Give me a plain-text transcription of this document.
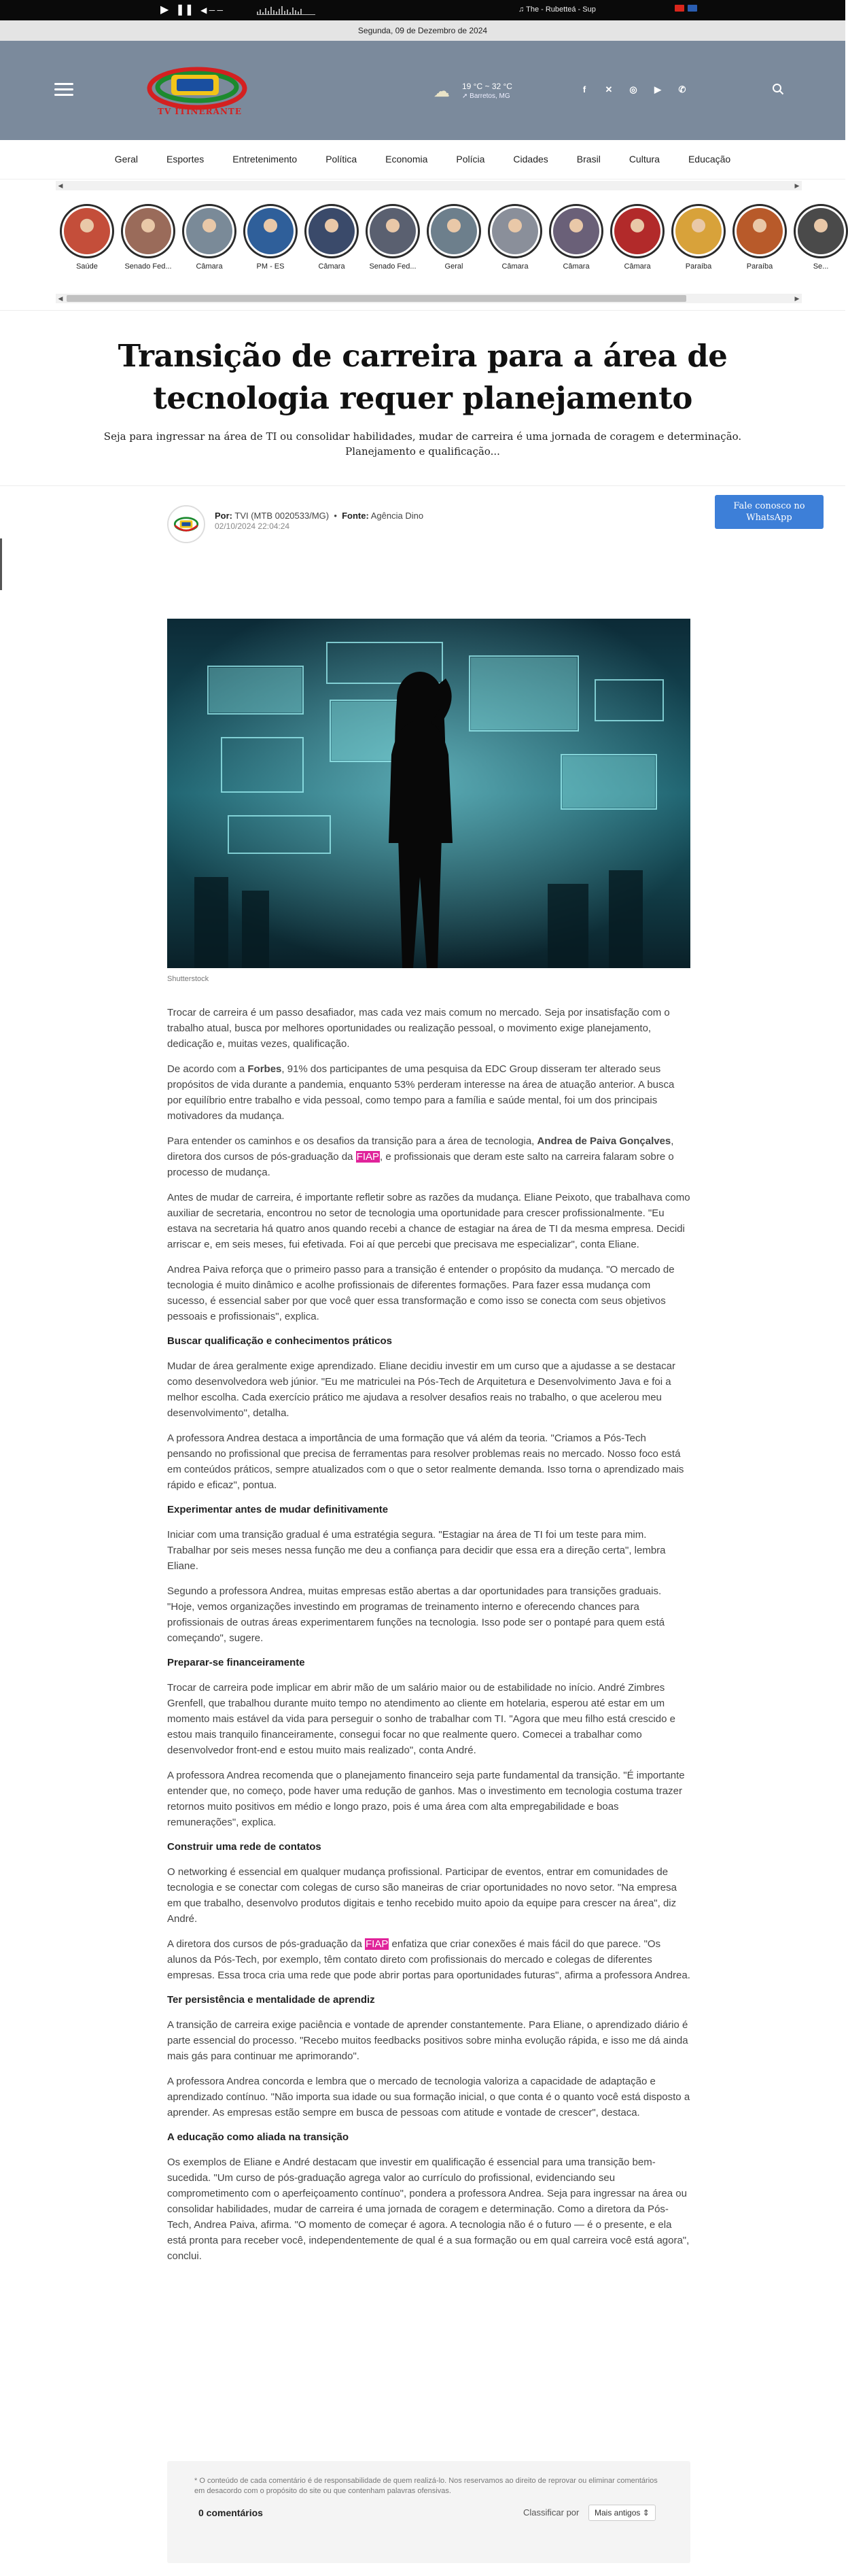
▶ ❚❚ ◀ ─ ─	♫ The - Rubetteá - Sup
Segunda, 09 de Dezembro de 2024
TV ITINERANTE
☁ 19 °C ~ 32 °C
➚ Barretos, MG
f	✕ ◎ ▶ ✆
Geral	Esportes	Entretenimento	Política	Economia	Polícia	Cidades	Brasil	Cultura	Educação
◀	▶
Saúde	Senado Fed...	Câmara	PM - ES	Câmara	Senado Fed...	Geral	Câmara	Câmara	Câmara	Paraíba	Paraíba	Se...
◀	▶
Transição de carreira para a área de tecnologia requer planejamento

Seja para ingressar na área de TI ou consolidar habilidades, mudar de carreira é uma jornada de coragem e determinação. Planejamento e qualificação...

Por: TVI (MTB 0020533/MG)  •  Fonte: Agência Dino
02/10/2024 22:04:24
Fale conosco no WhatsApp
Shutterstock

Trocar de carreira é um passo desafiador, mas cada vez mais comum no mercado. Seja por insatisfação com o trabalho atual, busca por melhores oportunidades ou realização pessoal, o movimento exige planejamento, dedicação e, muitas vezes, qualificação.

De acordo com a Forbes, 91% dos participantes de uma pesquisa da EDC Group disseram ter alterado seus propósitos de vida durante a pandemia, enquanto 53% perderam interesse na área de atuação anterior. A busca por equilíbrio entre trabalho e vida pessoal, como tempo para a família e saúde mental, foi um dos principais motivadores da mudança.

Para entender os caminhos e os desafios da transição para a área de tecnologia, Andrea de Paiva Gonçalves, diretora dos cursos de pós-graduação da FIAP, e profissionais que deram este salto na carreira falaram sobre o processo de mudança.

Antes de mudar de carreira, é importante refletir sobre as razões da mudança. Eliane Peixoto, que trabalhava como auxiliar de secretaria, encontrou no setor de tecnologia uma oportunidade para crescer profissionalmente. "Eu estava na secretaria há quatro anos quando recebi a chance de estagiar na área de TI da mesma empresa. Decidi arriscar e, em seis meses, fui efetivada. Foi aí que percebi que precisava me especializar", conta Eliane.

Andrea Paiva reforça que o primeiro passo para a transição é entender o propósito da mudança. "O mercado de tecnologia é muito dinâmico e acolhe profissionais de diferentes formações. Para fazer essa mudança com sucesso, é essencial saber por que você quer essa transformação e como isso se conecta com seus objetivos pessoais e profissionais", explica.

Buscar qualificação e conhecimentos práticos

Mudar de área geralmente exige aprendizado. Eliane decidiu investir em um curso que a ajudasse a se destacar como desenvolvedora web júnior. "Eu me matriculei na Pós-Tech de Arquitetura e Desenvolvimento Java e foi a melhor escolha. Cada exercício prático me ajudava a resolver desafios reais no trabalho, o que acelerou meu desenvolvimento", detalha.

A professora Andrea destaca a importância de uma formação que vá além da teoria. "Criamos a Pós-Tech pensando no profissional que precisa de ferramentas para resolver problemas reais no mercado. Nosso foco está em conteúdos práticos, sempre atualizados com o que o setor realmente demanda. Isso torna o aprendizado mais rápido e eficaz", pontua.

Experimentar antes de mudar definitivamente

Iniciar com uma transição gradual é uma estratégia segura. "Estagiar na área de TI foi um teste para mim. Trabalhar por seis meses nessa função me deu a confiança para decidir que essa era a direção certa", lembra Eliane.

Segundo a professora Andrea, muitas empresas estão abertas a dar oportunidades para transições graduais. "Hoje, vemos organizações investindo em programas de treinamento interno e oferecendo chances para profissionais de outras áreas experimentarem funções na tecnologia. Isso pode ser o pontapé para quem está começando", sugere.

Preparar-se financeiramente

Trocar de carreira pode implicar em abrir mão de um salário maior ou de estabilidade no início. André Zimbres Grenfell, que trabalhou durante muito tempo no atendimento ao cliente em hotelaria, esperou até estar em um momento mais estável da vida para perseguir o sonho de trabalhar com TI. "Agora que meu filho está crescido e estou mais tranquilo financeiramente, consegui focar no que realmente quero. Comecei a trabalhar como desenvolvedor front-end e estou muito mais realizado", conta André.

A professora Andrea recomenda que o planejamento financeiro seja parte fundamental da transição. "É importante entender que, no começo, pode haver uma redução de ganhos. Mas o investimento em tecnologia costuma trazer retornos muito positivos em médio e longo prazo, pois é uma área com alta empregabilidade e boas remunerações", explica.

Construir uma rede de contatos

O networking é essencial em qualquer mudança profissional. Participar de eventos, entrar em comunidades de tecnologia e se conectar com colegas de curso são maneiras de criar oportunidades no novo setor. "Na empresa em que trabalho, desenvolvo produtos digitais e tenho recebido muito apoio da equipe para crescer na área", diz André.

A diretora dos cursos de pós-graduação da FIAP enfatiza que criar conexões é mais fácil do que parece. "Os alunos da Pós-Tech, por exemplo, têm contato direto com profissionais do mercado e colegas de diferentes empresas. Essa troca cria uma rede que pode abrir portas para oportunidades futuras", afirma a professora Andrea.

Ter persistência e mentalidade de aprendiz

A transição de carreira exige paciência e vontade de aprender constantemente. Para Eliane, o aprendizado diário é parte essencial do processo. "Recebo muitos feedbacks positivos sobre minha evolução rápida, e isso me dá ainda mais gás para continuar me aprimorando".

A professora Andrea concorda e lembra que o mercado de tecnologia valoriza a capacidade de adaptação e aprendizado contínuo. "Não importa sua idade ou sua formação inicial, o que conta é o quanto você está disposto a aprender. As empresas estão sempre em busca de pessoas com atitude e vontade de crescer", destaca.

A educação como aliada na transição

Os exemplos de Eliane e André destacam que investir em qualificação é essencial para uma transição bem-sucedida. "Um curso de pós-graduação agrega valor ao currículo do profissional, evidenciando seu comprometimento com o aperfeiçoamento contínuo", pondera a professora Andrea. Seja para ingressar na área ou consolidar habilidades, mudar de carreira é uma jornada de coragem e determinação. Como a diretora da Pós-Tech, Andrea Paiva, afirma. "O momento de começar é agora. A tecnologia não é o futuro — é o presente, e ela está pronta para receber você, independentemente de qual é a sua formação ou em qual carreira você está agora", conclui.

* O conteúdo de cada comentário é de responsabilidade de quem realizá-lo. Nos reservamos ao direito de reprovar ou eliminar comentários em desacordo com o propósito do site ou que contenham palavras ofensivas.
0 comentários	Classificar por	Mais antigos ⇕
